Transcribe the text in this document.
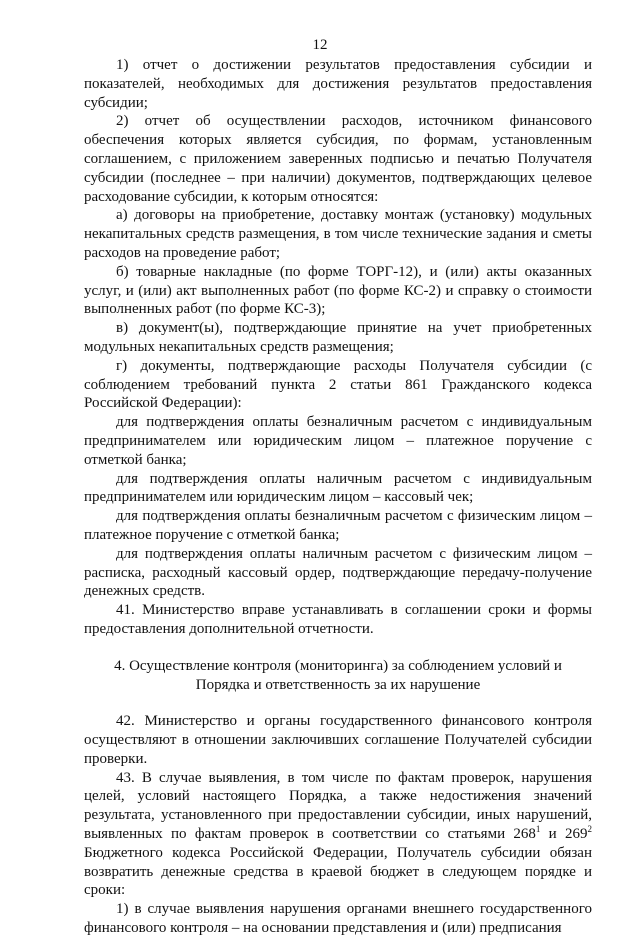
12

1) отчет о достижении результатов предоставления субсидии и показателей, необходимых для достижения результатов предоставления субсидии;

2) отчет об осуществлении расходов, источником финансового обеспечения которых является субсидия, по формам, установленным соглашением, с приложением заверенных подписью и печатью Получателя субсидии (последнее – при наличии) документов, подтверждающих целевое расходование субсидии, к которым относятся:

а) договоры на приобретение, доставку монтаж (установку) модульных некапитальных средств размещения, в том числе технические задания и сметы расходов на проведение работ;

б) товарные накладные (по форме ТОРГ-12), и (или) акты оказанных услуг, и (или) акт выполненных работ (по форме КС-2) и справку о стоимости выполненных работ (по форме КС-3);

в) документ(ы), подтверждающие принятие на учет приобретенных модульных некапитальных средств размещения;

г) документы, подтверждающие расходы Получателя субсидии (с соблюдением требований пункта 2 статьи 861 Гражданского кодекса Российской Федерации):

для подтверждения оплаты безналичным расчетом с индивидуальным предпринимателем или юридическим лицом – платежное поручение с отметкой банка;

для подтверждения оплаты наличным расчетом с индивидуальным предпринимателем или юридическим лицом – кассовый чек;

для подтверждения оплаты безналичным расчетом с физическим лицом – платежное поручение с отметкой банка;

для подтверждения оплаты наличным расчетом с физическим лицом – расписка, расходный кассовый ордер, подтверждающие передачу-получение денежных средств.

41. Министерство вправе устанавливать в соглашении сроки и формы предоставления дополнительной отчетности.

4. Осуществление контроля (мониторинга) за соблюдением условий и
Порядка и ответственность за их нарушение

42. Министерство и органы государственного финансового контроля осуществляют в отношении заключивших соглашение Получателей субсидии проверки.

43. В случае выявления, в том числе по фактам проверок, нарушения целей, условий настоящего Порядка, а также недостижения значений результата, установленного при предоставлении субсидии, иных нарушений, выявленных по фактам проверок в соответствии со статьями $268^1$ и $269^2$ Бюджетного кодекса Российской Федерации, Получатель субсидии обязан возвратить денежные средства в краевой бюджет в следующем порядке и сроки:

1) в случае выявления нарушения органами внешнего государственного финансового контроля – на основании представления и (или) предписания
